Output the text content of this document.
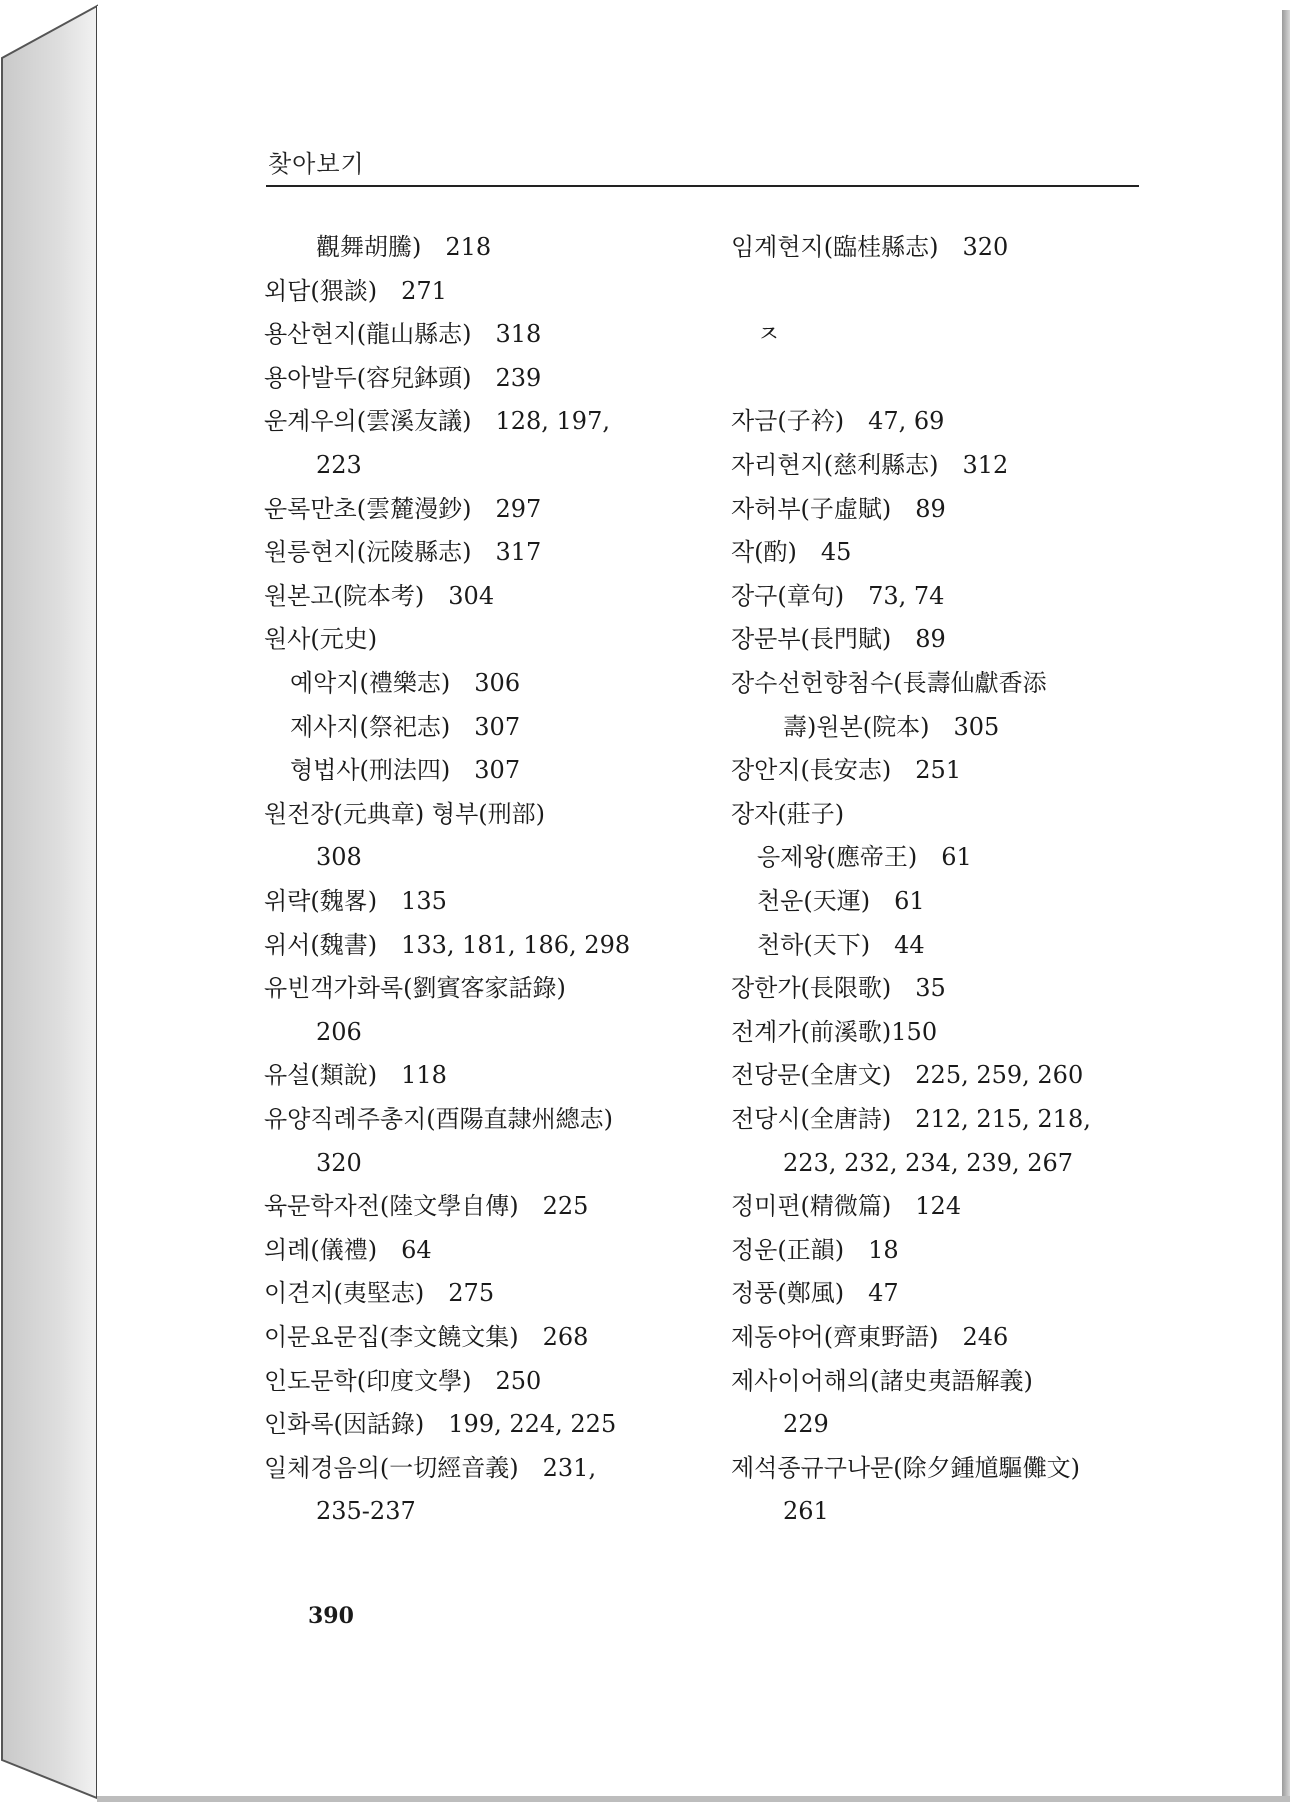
찾아보기
觀舞胡騰)　218
외담(猥談)　271
용산현지(龍山縣志)　318
용아발두(容兒鉢頭)　239
운계우의(雲溪友議)　128, 197,
223
운록만초(雲麓漫鈔)　297
원릉현지(沅陵縣志)　317
원본고(院本考)　304
원사(元史)
예악지(禮樂志)　306
제사지(祭祀志)　307
형법사(刑法四)　307
원전장(元典章) 형부(刑部)
308
위략(魏畧)　135
위서(魏書)　133, 181, 186, 298
유빈객가화록(劉賓客家話錄)
206
유설(類說)　118
유양직례주총지(酉陽直隷州總志)
320
육문학자전(陸文學自傳)　225
의례(儀禮)　64
이견지(夷堅志)　275
이문요문집(李文饒文集)　268
인도문학(印度文學)　250
인화록(因話錄)　199, 224, 225
일체경음의(一切經音義)　231,
235-237
임계현지(臨桂縣志)　320
ㅈ
자금(子衿)　47, 69
자리현지(慈利縣志)　312
자허부(子虛賦)　89
작(酌)　45
장구(章句)　73, 74
장문부(長門賦)　89
장수선헌향첨수(長壽仙獻香添
壽)원본(院本)　305
장안지(長安志)　251
장자(莊子)
응제왕(應帝王)　61
천운(天運)　61
천하(天下)　44
장한가(長限歌)　35
전계가(前溪歌)150
전당문(全唐文)　225, 259, 260
전당시(全唐詩)　212, 215, 218,
223, 232, 234, 239, 267
정미편(精微篇)　124
정운(正韻)　18
정풍(鄭風)　47
제동야어(齊東野語)　246
제사이어해의(諸史夷語解義)
229
제석종규구나문(除夕鍾馗驅儺文)
261
390
